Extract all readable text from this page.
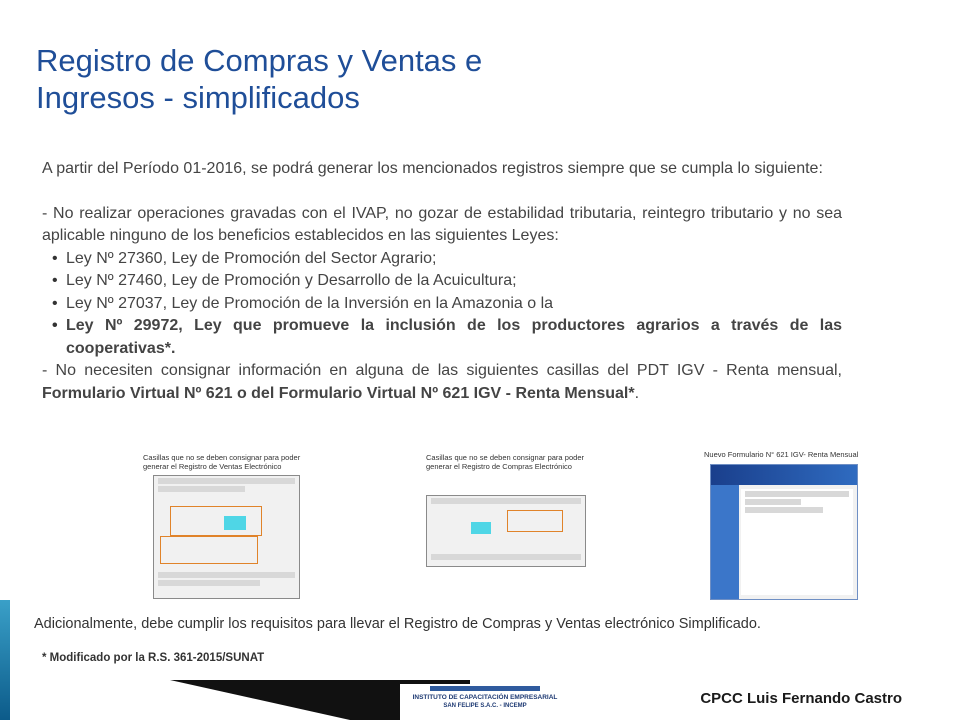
Registro de Compras y Ventas e
Ingresos - simplificados

A partir del Período 01-2016, se podrá generar los mencionados registros siempre que se cumpla lo siguiente:

- No realizar operaciones gravadas con el IVAP, no gozar de estabilidad tributaria, reintegro tributario y no sea aplicable ninguno de los beneficios establecidos en las siguientes Leyes:

• Ley Nº 27360, Ley de Promoción del Sector Agrario;
• Ley Nº 27460, Ley de Promoción y Desarrollo de la Acuicultura;
• Ley Nº 27037, Ley de Promoción de la Inversión en la Amazonia o la
• Ley Nº 29972, Ley que promueve la inclusión de los productores agrarios a través de las cooperativas*.

- No necesiten consignar información en alguna de las siguientes casillas del PDT IGV - Renta mensual, Formulario Virtual Nº 621 o del Formulario Virtual Nº 621 IGV - Renta Mensual*.

Casillas que no se deben consignar para poder generar el Registro de Ventas Electrónico
Casillas que no se deben consignar para poder generar el Registro de Compras Electrónico
Nuevo Formulario N° 621 IGV- Renta Mensual
Adicionalmente, debe cumplir los requisitos para llevar el Registro de Compras y Ventas electrónico Simplificado.
* Modificado por la R.S. 361-2015/SUNAT
INSTITUTO DE CAPACITACIÓN EMPRESARIAL
SAN FELIPE S.A.C. - INCEMP	CPCC Luis Fernando Castro
